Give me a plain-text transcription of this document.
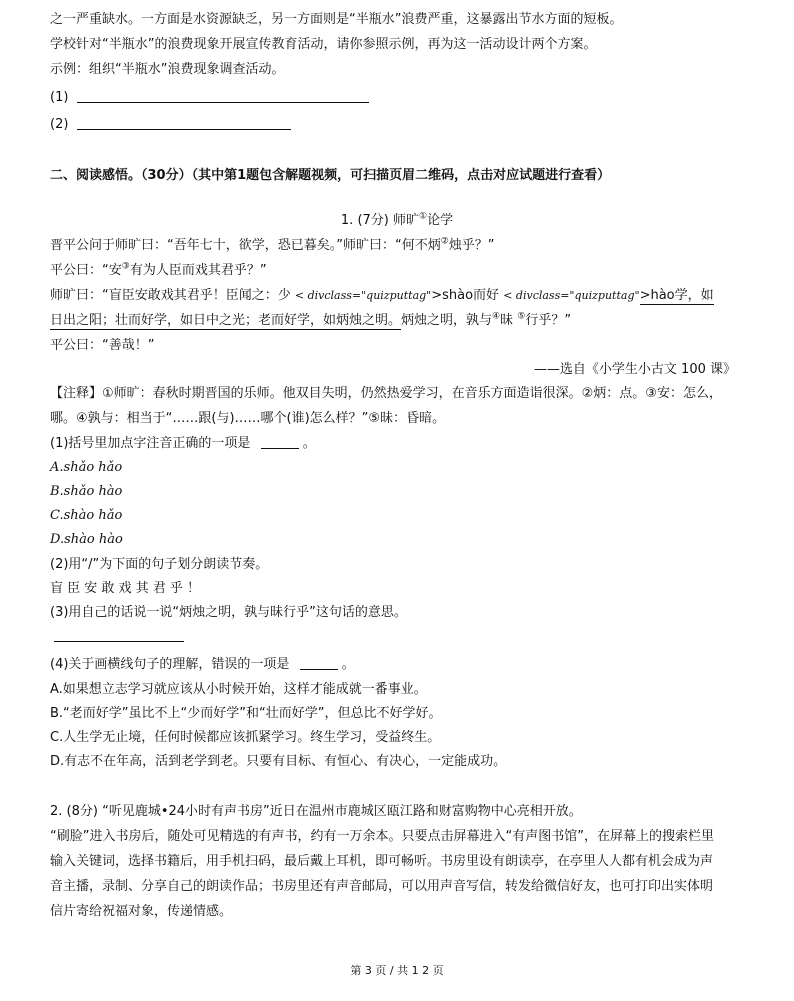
之一严重缺水。一方面是水资源缺乏，另一方面则是“半瓶水”浪费严重，这暴露出节水方面的短板。
学校针对“半瓶水”的浪费现象开展宣传教育活动，请你参照示例，再为这一活动设计两个方案。
示例：组织“半瓶水”浪费现象调查活动。
(1)
(2)
二、阅读感悟。（30分）（其中第1题包含解题视频，可扫描页眉二维码，点击对应试题进行查看）
1. (7分) 师旷①论学
晋平公问于师旷曰：“吾年七十，欲学，恐已暮矣。”师旷曰：“何不炳②烛乎？”
平公曰：“安③有为人臣而戏其君乎？”
师旷曰：“盲臣安敢戏其君乎！臣闻之：少 < divclass="quizputtag">shào而好 < divclass="quizputtag">hào学，如
日出之阳；壮而好学，如日中之光；老而好学，如炳烛之明。炳烛之明，孰与④昧 ⑤行乎？”
平公曰：“善哉！”
——选自《小学生小古文 100 课》
【注释】①师旷：春秋时期晋国的乐师。他双目失明，仍然热爱学习，在音乐方面造诣很深。②炳：点。③安：怎么，
哪。④孰与：相当于“……跟(与)……哪个(谁)怎么样？”⑤昧：昏暗。
(1)括号里加点字注音正确的一项是	。
A.shǎo hǎo
B.shǎo hào
C.shào hǎo
D.shào hào
(2)用“/”为下面的句子划分朗读节奏。
盲 臣 安 敢 戏 其 君 乎 ！
(3)用自己的话说一说“炳烛之明，孰与昧行乎”这句话的意思。
(4)关于画横线句子的理解，错误的一项是	。
A.如果想立志学习就应该从小时候开始，这样才能成就一番事业。
B.“老而好学”虽比不上“少而好学”和“壮而好学”，但总比不好学好。
C.人生学无止境，任何时候都应该抓紧学习。终生学习，受益终生。
D.有志不在年高，活到老学到老。只要有目标、有恒心、有决心，一定能成功。
2. (8分) “听见鹿城•24小时有声书房”近日在温州市鹿城区瓯江路和财富购物中心亮相开放。
“刷脸”进入书房后，随处可见精选的有声书，约有一万余本。只要点击屏幕进入“有声图书馆”，在屏幕上的搜索栏里
输入关键词，选择书籍后，用手机扫码，最后戴上耳机，即可畅听。书房里设有朗读亭，在亭里人人都有机会成为声
音主播，录制、分享自己的朗读作品；书房里还有声音邮局，可以用声音写信，转发给微信好友，也可打印出实体明
信片寄给祝福对象，传递情感。
第 3 页 / 共 1 2 页
